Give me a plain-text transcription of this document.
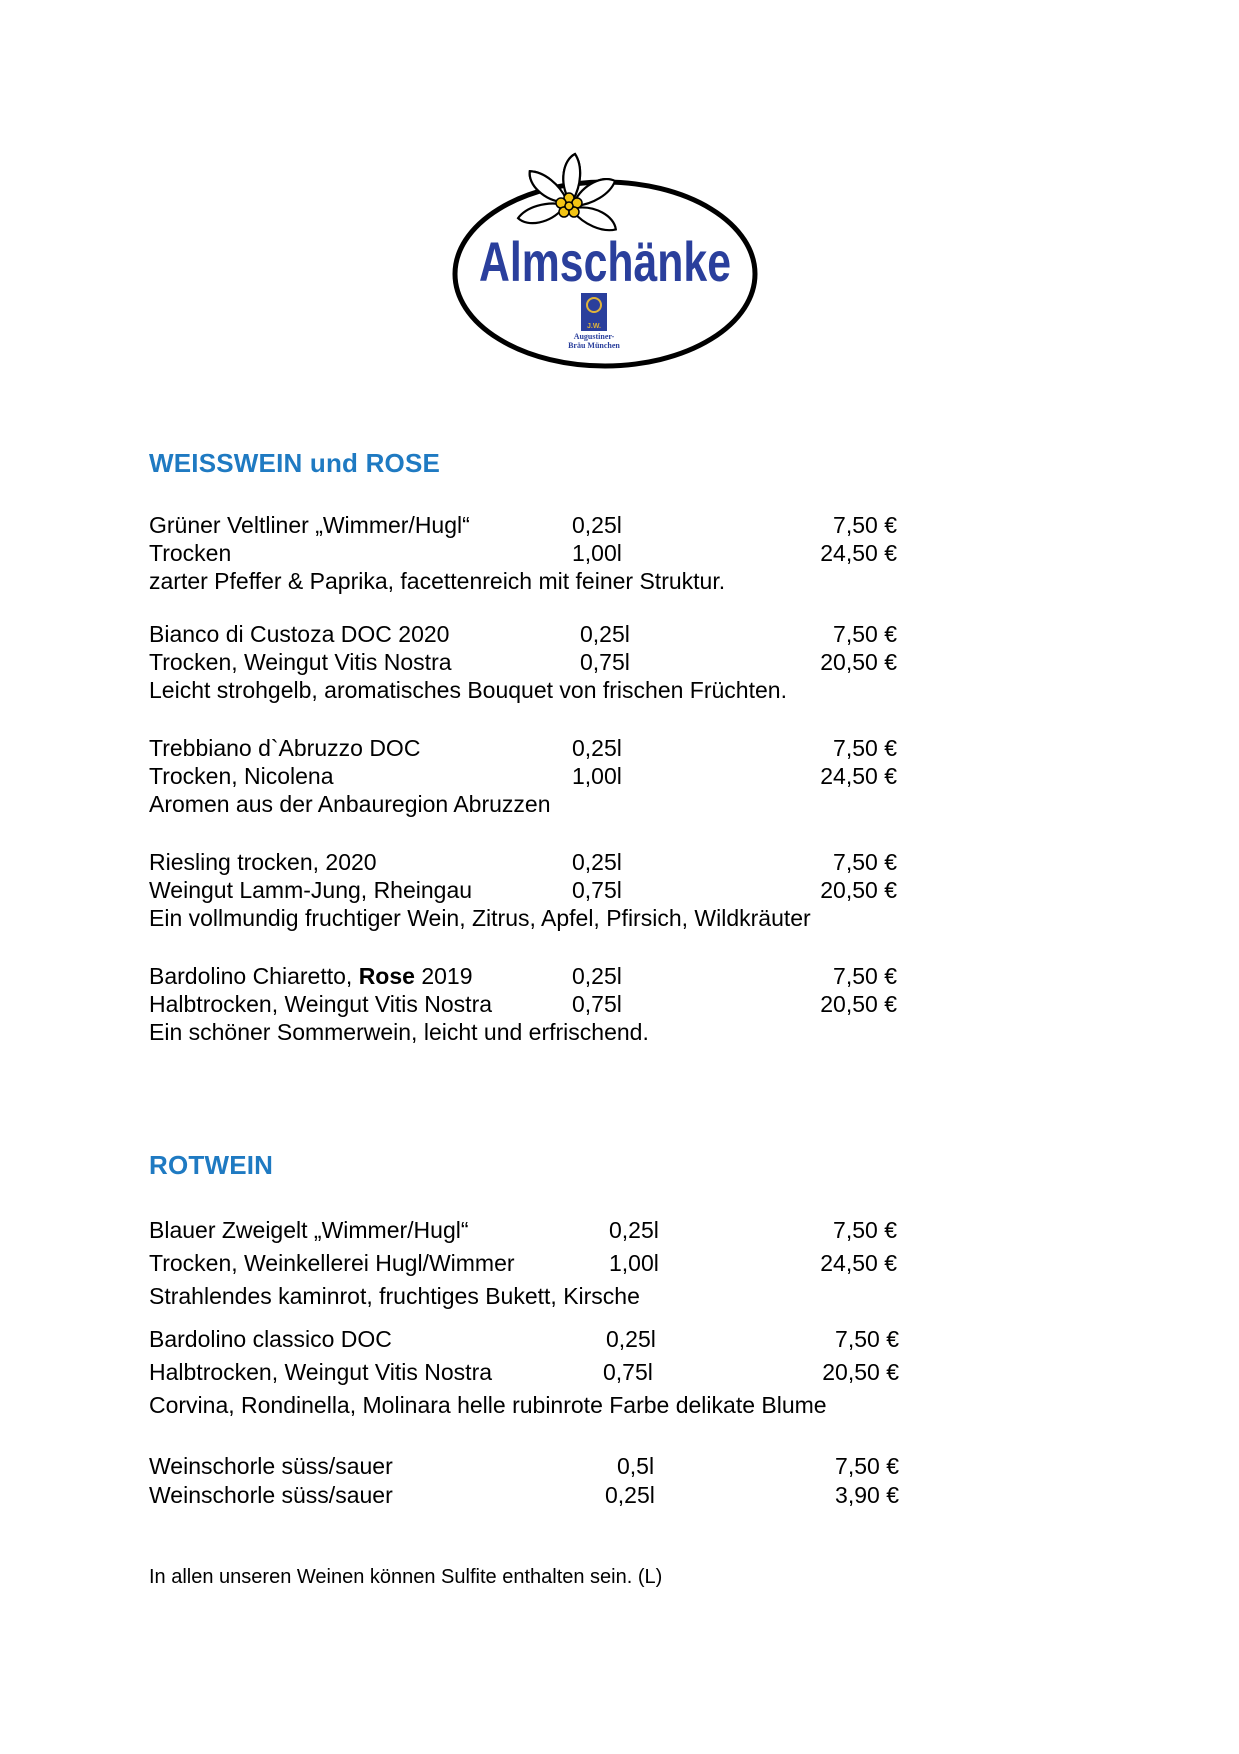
Almschänke
J.W.
Augustiner-
Bräu München
WEISSWEIN und ROSE
Grüner Veltliner „Wimmer/Hugl“	0,25l	7,50 €
Trocken	1,00l	24,50 €
zarter Pfeffer & Paprika, facettenreich mit feiner Struktur.
Bianco di Custoza DOC 2020	0,25l	7,50 €
Trocken, Weingut Vitis Nostra	0,75l	20,50 €
Leicht strohgelb, aromatisches Bouquet von frischen Früchten.
Trebbiano d`Abruzzo DOC	0,25l	7,50 €
Trocken, Nicolena	1,00l	24,50 €
Aromen aus der Anbauregion Abruzzen
Riesling trocken, 2020	0,25l	7,50 €
Weingut Lamm-Jung, Rheingau	0,75l	20,50 €
Ein vollmundig fruchtiger Wein, Zitrus, Apfel, Pfirsich, Wildkräuter
Bardolino Chiaretto, Rose 2019	0,25l	7,50 €
Halbtrocken, Weingut Vitis Nostra	0,75l	20,50 €
Ein schöner Sommerwein, leicht und erfrischend.
ROTWEIN
Blauer Zweigelt „Wimmer/Hugl“	0,25l	7,50 €
Trocken, Weinkellerei Hugl/Wimmer	1,00l	24,50 €
Strahlendes kaminrot, fruchtiges Bukett, Kirsche
Bardolino classico DOC	0,25l	7,50 €
Halbtrocken, Weingut Vitis Nostra	0,75l	20,50 €
Corvina, Rondinella, Molinara helle rubinrote Farbe delikate Blume
Weinschorle süss/sauer	0,5l	7,50 €
Weinschorle süss/sauer	0,25l	3,90 €
In allen unseren Weinen können Sulfite enthalten sein. (L)
